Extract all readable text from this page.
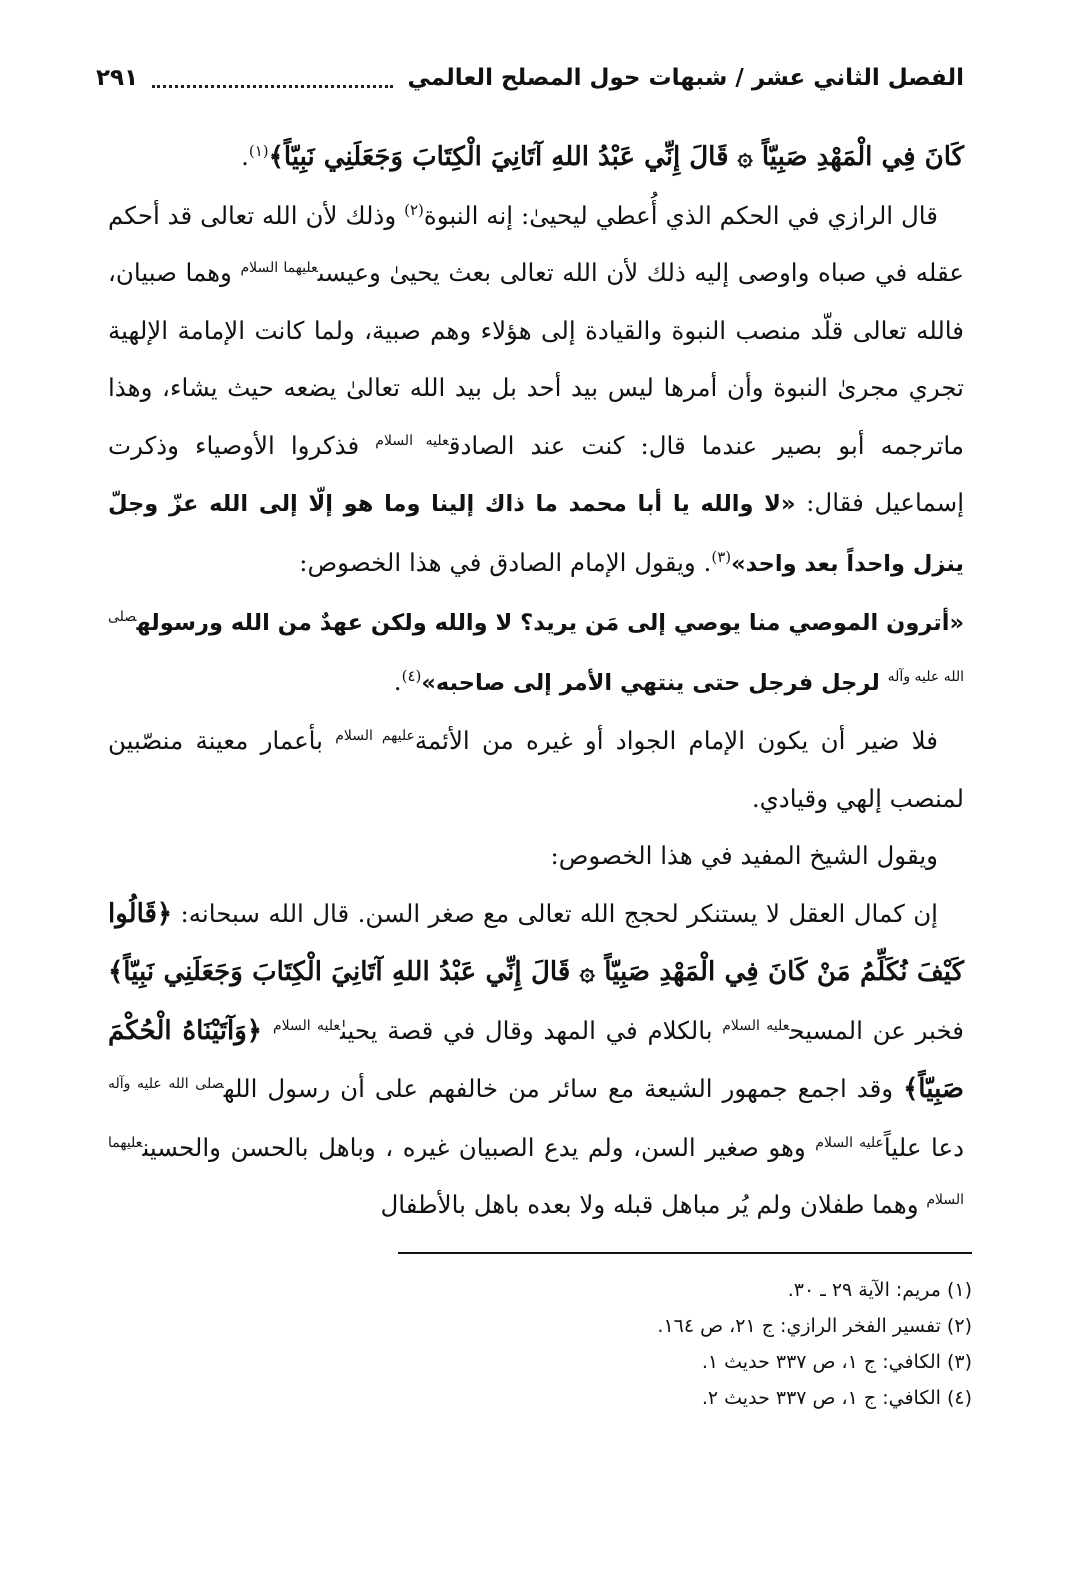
الفصل الثاني عشر / شبهات حول المصلح العالمي
٢٩١

كَانَ فِي الْمَهْدِ صَبِيّاً ۞ قَالَ إِنِّي عَبْدُ اللهِ آتَانِيَ الْكِتَابَ وَجَعَلَنِي نَبِيّاً﴾$^{(١)}$.

قال الرازي في الحكم الذي أُعطي ليحيىٰ: إنه النبوة$^{(٢)}$ وذلك لأن الله تعالى قد أحكم عقله في صباه واوصى إليه ذلك لأن الله تعالى بعث يحيىٰ وعيسى$^{عليهما السلام}$ وهما صبيان، فالله تعالى قلّد منصب النبوة والقيادة إلى هؤلاء وهم صبية، ولما كانت الإمامة الإلهية تجري مجرىٰ النبوة وأن أمرها ليس بيد أحد بل بيد الله تعالىٰ يضعه حيث يشاء، وهذا ماترجمه أبو بصير عندما قال: كنت عند الصادق$^{عليه السلام}$ فذكروا الأوصياء وذكرت إسماعيل فقال: «لا والله يا أبا محمد ما ذاك إلينا وما هو إلّا إلى الله عزّ وجلّ ينزل واحداً بعد واحد»$^{(٣)}$. ويقول الإمام الصادق في هذا الخصوص:

«أترون الموصي منا يوصي إلى مَن يريد؟ لا والله ولكن عهدٌ من الله ورسوله$^{صلى الله عليه وآله}$ لرجل فرجل حتى ينتهي الأمر إلى صاحبه»$^{(٤)}$.

فلا ضير أن يكون الإمام الجواد أو غيره من الأئمة$^{عليهم السلام}$ بأعمار معينة منصّبين لمنصب إلهي وقيادي.

ويقول الشيخ المفيد في هذا الخصوص:

إن كمال العقل لا يستنكر لحجج الله تعالى مع صغر السن. قال الله سبحانه: ﴿قَالُوا كَيْفَ نُكَلِّمُ مَنْ كَانَ فِي الْمَهْدِ صَبِيّاً ۞ قَالَ إِنِّي عَبْدُ اللهِ آتَانِيَ الْكِتَابَ وَجَعَلَنِي نَبِيّاً﴾ فخبر عن المسيح$^{عليه السلام}$ بالكلام في المهد وقال في قصة يحيىٰ$^{عليه السلام}$ ﴿وَآتَيْنَاهُ الْحُكْمَ صَبِيّاً﴾ وقد اجمع جمهور الشيعة مع سائر من خالفهم على أن رسول الله$^{صلى الله عليه وآله}$ دعا علياً$^{عليه السلام}$ وهو صغير السن، ولم يدع الصبيان غيره ، وباهل بالحسن والحسين$^{عليهما السلام}$ وهما طفلان ولم يُر مباهل قبله ولا بعده باهل بالأطفال

(١) مريم: الآية ٢٩ ـ ٣٠.
(٢) تفسير الفخر الرازي: ج ٢١، ص ١٦٤.
(٣) الكافي: ج ١، ص ٣٣٧ حديث ١.
(٤) الكافي: ج ١، ص ٣٣٧ حديث ٢.
